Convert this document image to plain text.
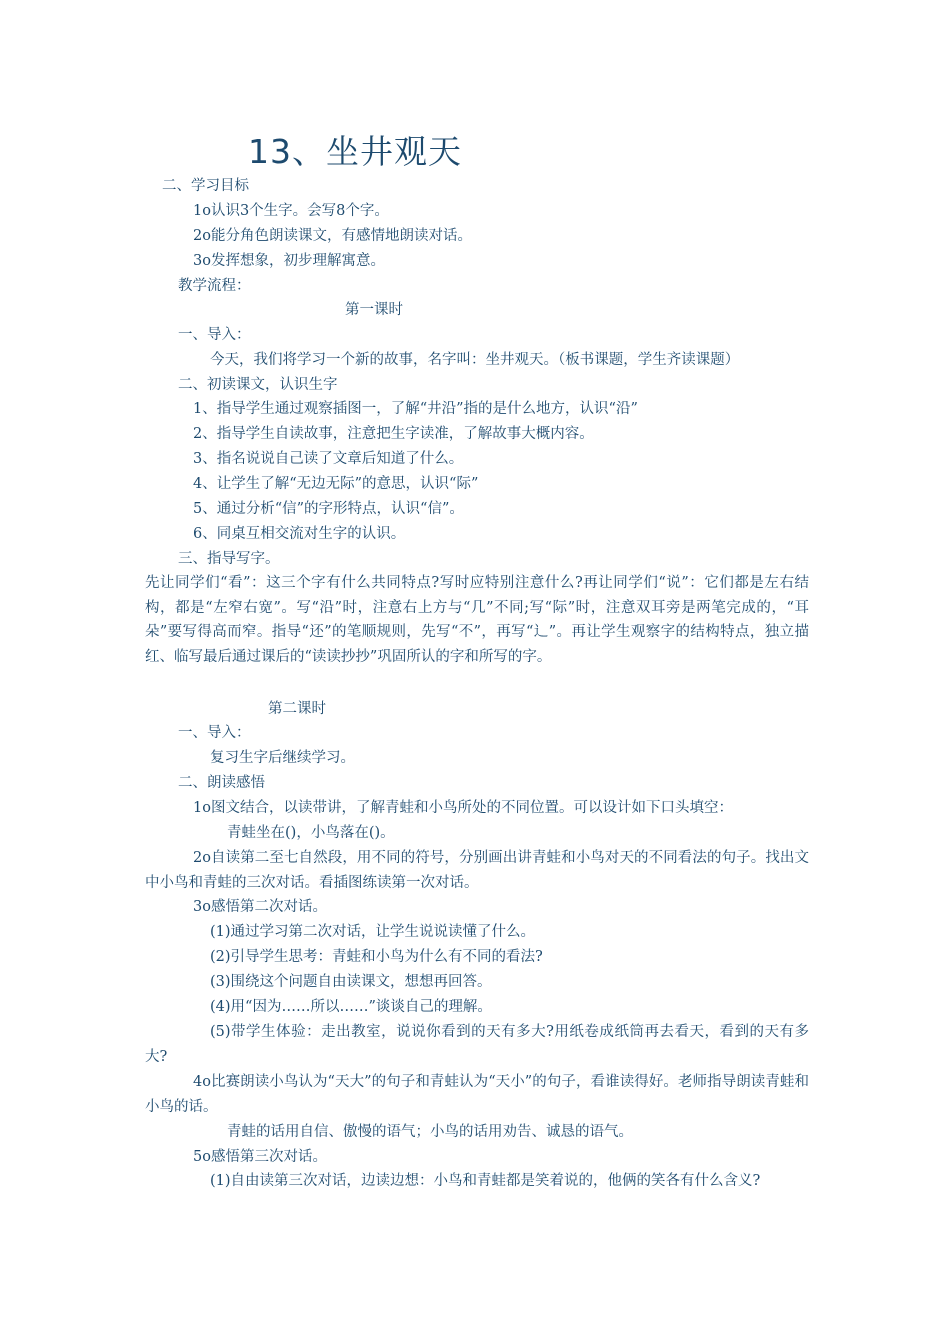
13、坐井观天
二、学习目标
1o认识3个生字。会写8个字。
2o能分角色朗读课文，有感情地朗读对话。
3o发挥想象，初步理解寓意。
教学流程：
第一课时
一、导入：
今天，我们将学习一个新的故事，名字叫：坐井观天。（板书课题，学生齐读课题）
二、初读课文，认识生字
1、指导学生通过观察插图一，了解“井沿”指的是什么地方，认识“沿”
2、指导学生自读故事，注意把生字读准，了解故事大概内容。
3、指名说说自己读了文章后知道了什么。
4、让学生了解“无边无际”的意思，认识“际”
5、通过分析“信”的字形特点，认识“信”。
6、同桌互相交流对生字的认识。
三、指导写字。
先让同学们“看”：这三个字有什么共同特点?写时应特别注意什么?再让同学们“说”：它们都是左右结构，都是“左窄右宽”。写“沿”时，注意右上方与“几”不同;写“际”时，注意双耳旁是两笔完成的，“耳朵”要写得高而窄。指导“还”的笔顺规则，先写“不”，再写“辶”。再让学生观察字的结构特点，独立描红、临写最后通过课后的“读读抄抄”巩固所认的字和所写的字。
第二课时
一、导入：
复习生字后继续学习。
二、朗读感悟
1o图文结合，以读带讲，了解青蛙和小鸟所处的不同位置。可以设计如下口头填空：
青蛙坐在()，小鸟落在()。
2o自读第二至七自然段，用不同的符号，分别画出讲青蛙和小鸟对天的不同看法的句子。找出文中小鸟和青蛙的三次对话。看插图练读第一次对话。
3o感悟第二次对话。
(1)通过学习第二次对话，让学生说说读懂了什么。
(2)引导学生思考：青蛙和小鸟为什么有不同的看法?
(3)围绕这个问题自由读课文，想想再回答。
(4)用“因为……所以……”谈谈自己的理解。
(5)带学生体验：走出教室，说说你看到的天有多大?用纸卷成纸筒再去看天，看到的天有多大?
4o比赛朗读小鸟认为“天大”的句子和青蛙认为“天小”的句子，看谁读得好。老师指导朗读青蛙和小鸟的话。
青蛙的话用自信、傲慢的语气；小鸟的话用劝告、诚恳的语气。
5o感悟第三次对话。
(1)自由读第三次对话，边读边想：小鸟和青蛙都是笑着说的，他俩的笑各有什么含义?
